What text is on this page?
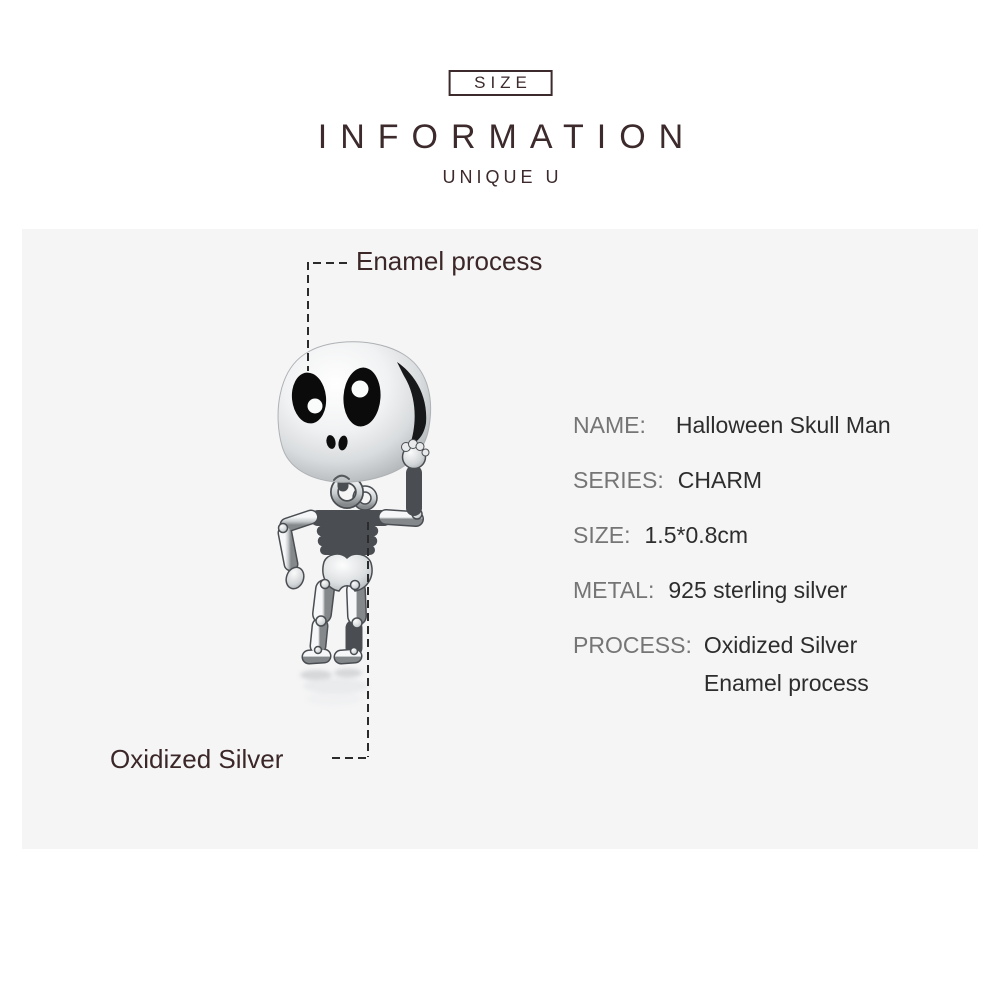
SIZE
INFORMATION
UNIQUE U
Enamel process
Oxidized Silver
NAME: Halloween Skull Man
SERIES: CHARM
SIZE: 1.5*0.8cm
METAL: 925 sterling silver
PROCESS: Oxidized Silver
Enamel process
